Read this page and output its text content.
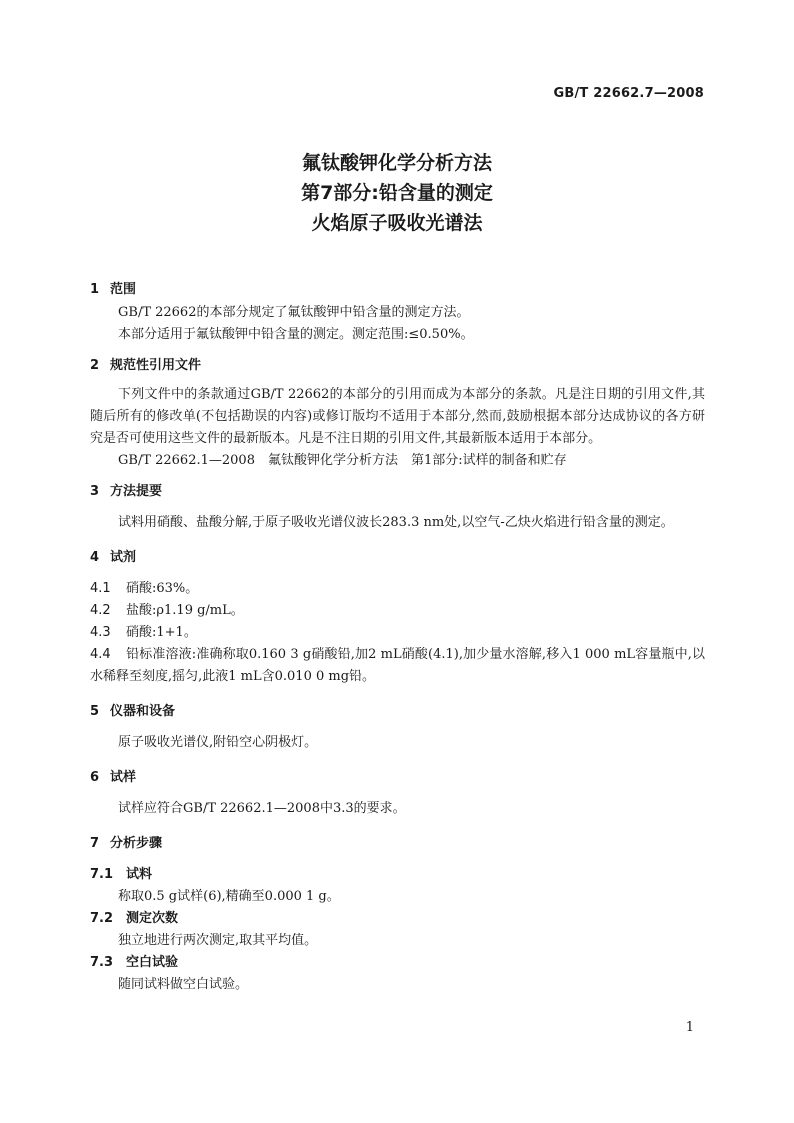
GB/T 22662.7—2008
氟钛酸钾化学分析方法
第7部分:铅含量的测定
火焰原子吸收光谱法
1 范围

GB/T 22662的本部分规定了氟钛酸钾中铅含量的测定方法。

本部分适用于氟钛酸钾中铅含量的测定。测定范围:≤0.50%。

2 规范性引用文件

下列文件中的条款通过GB/T 22662的本部分的引用而成为本部分的条款。凡是注日期的引用文件,其随后所有的修改单(不包括勘误的内容)或修订版均不适用于本部分,然而,鼓励根据本部分达成协议的各方研究是否可使用这些文件的最新版本。凡是不注日期的引用文件,其最新版本适用于本部分。

GB/T 22662.1—2008　氟钛酸钾化学分析方法　第1部分:试样的制备和贮存

3 方法提要

试料用硝酸、盐酸分解,于原子吸收光谱仪波长283.3 nm处,以空气-乙炔火焰进行铅含量的测定。

4 试剂

4.1 硝酸:63%。

4.2 盐酸:ρ1.19 g/mL。

4.3 硝酸:1+1。

4.4 铅标准溶液:准确称取0.160 3 g硝酸铅,加2 mL硝酸(4.1),加少量水溶解,移入1 000 mL容量瓶中,以水稀释至刻度,摇匀,此液1 mL含0.010 0 mg铅。

5 仪器和设备

原子吸收光谱仪,附铅空心阴极灯。

6 试样

试样应符合GB/T 22662.1—2008中3.3的要求。

7 分析步骤

7.1 试料

称取0.5 g试样(6),精确至0.000 1 g。

7.2 测定次数

独立地进行两次测定,取其平均值。

7.3 空白试验

随同试料做空白试验。

1
